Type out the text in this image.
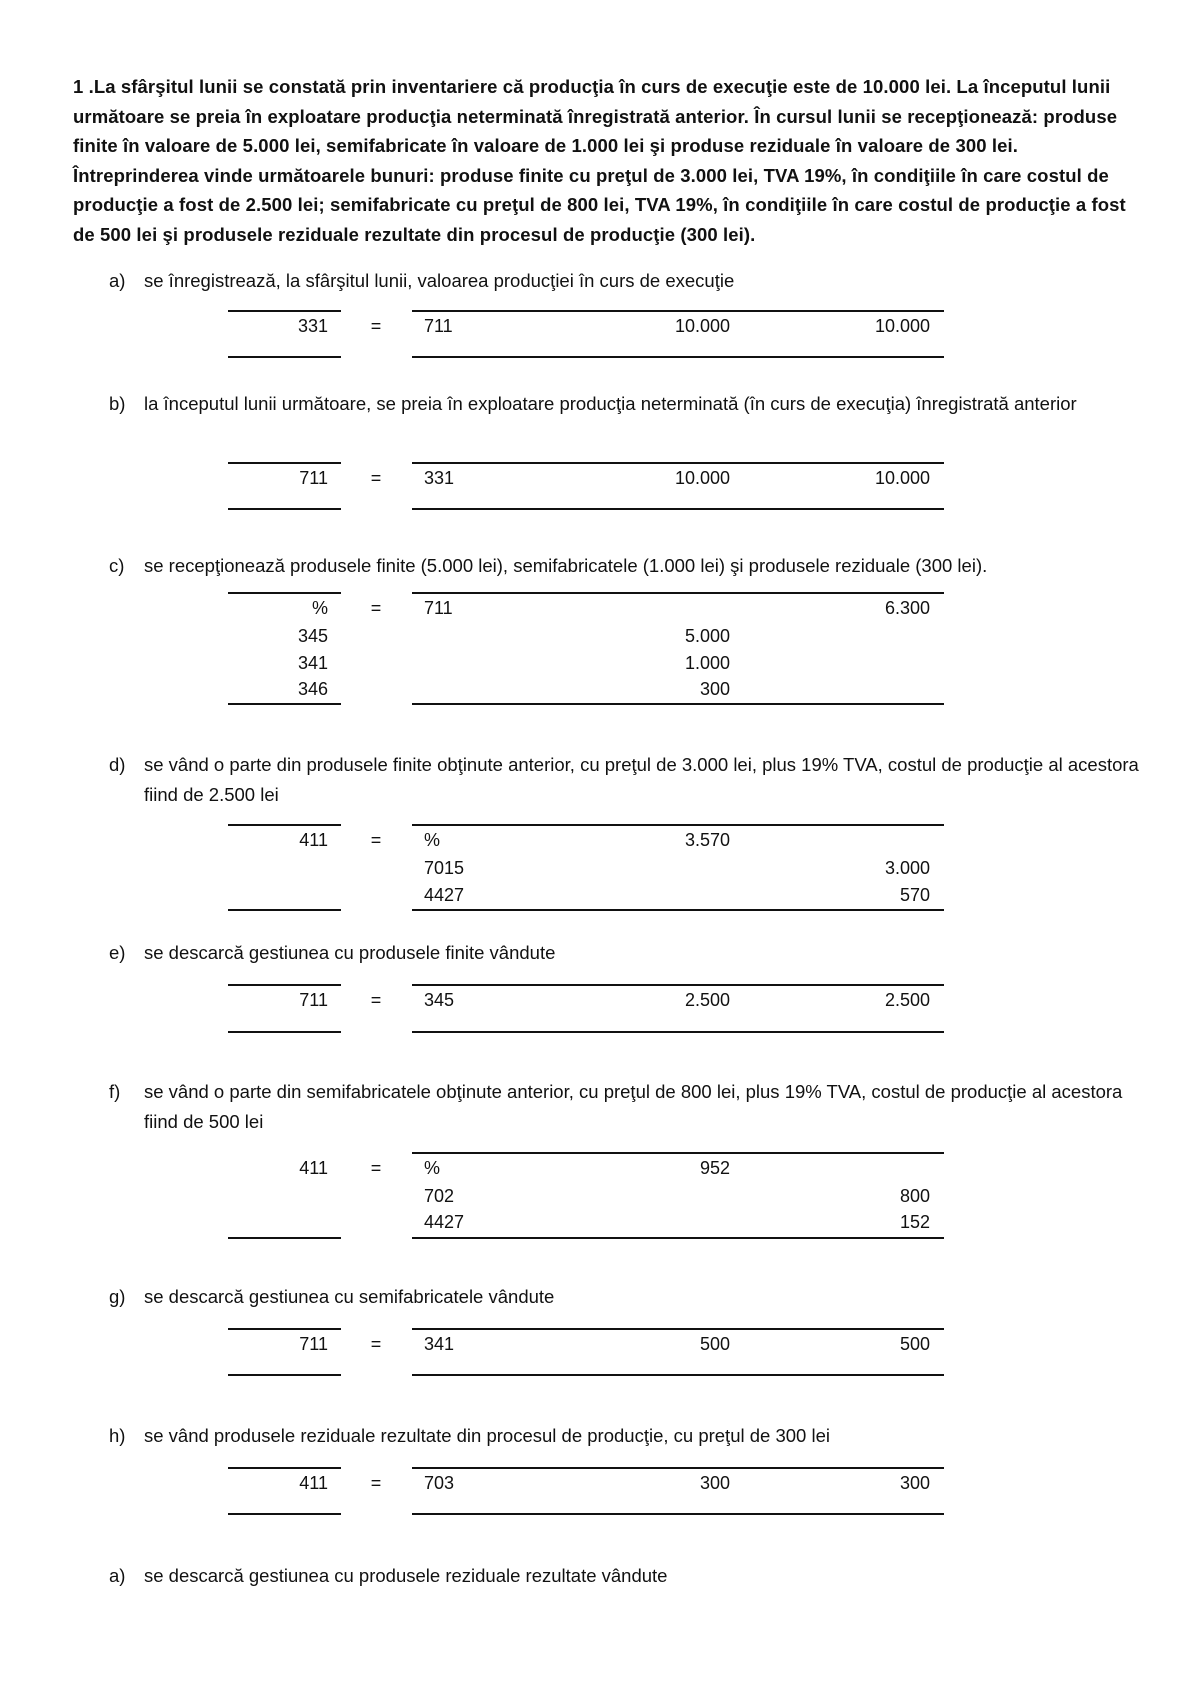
1 .La sfârşitul lunii se constată prin inventariere că producţia în curs de execuţie este de 10.000 lei. La începutul lunii următoare se preia în exploatare producţia neterminată înregistrată anterior. În cursul lunii se recepţionează: produse finite în valoare de 5.000 lei, semifabricate în valoare de 1.000 lei şi produse reziduale în valoare de 300 lei. Întreprinderea vinde următoarele bunuri: produse finite cu preţul de 3.000 lei, TVA 19%, în condiţiile în care costul de producţie a fost de 2.500 lei; semifabricate cu preţul de 800 lei, TVA 19%, în condiţiile în care costul de producţie a fost de 500 lei şi produsele reziduale rezultate din procesul de producţie (300 lei).
a) se înregistrează, la sfârşitul lunii, valoarea producţiei în curs de execuţie
331 = 711	10.000	10.000
b) la începutul lunii următoare, se preia în exploatare producţia neterminată (în curs de execuţia) înregistrată anterior
711 = 331	10.000	10.000
c) se recepţionează produsele finite (5.000 lei), semifabricatele (1.000 lei) şi produsele reziduale (300 lei).
% = 711	6.300
345	5.000
341	1.000
346	300
d) se vând o parte din produsele finite obţinute anterior, cu preţul de 3.000 lei, plus 19% TVA, costul de producţie al acestora fiind de 2.500 lei
411 = %	3.570
7015	3.000
4427	570
e) se descarcă gestiunea cu produsele finite vândute
711 = 345	2.500	2.500
f) se vând o parte din semifabricatele obţinute anterior, cu preţul de 800 lei, plus 19% TVA, costul de producţie al acestora fiind de 500 lei
411 = %	952
702	800
4427	152
g) se descarcă gestiunea cu semifabricatele vândute
711 = 341	500	500
h) se vând produsele reziduale rezultate din procesul de producţie, cu preţul de 300 lei
411 = 703	300	300
a) se descarcă gestiunea cu produsele reziduale rezultate vândute
